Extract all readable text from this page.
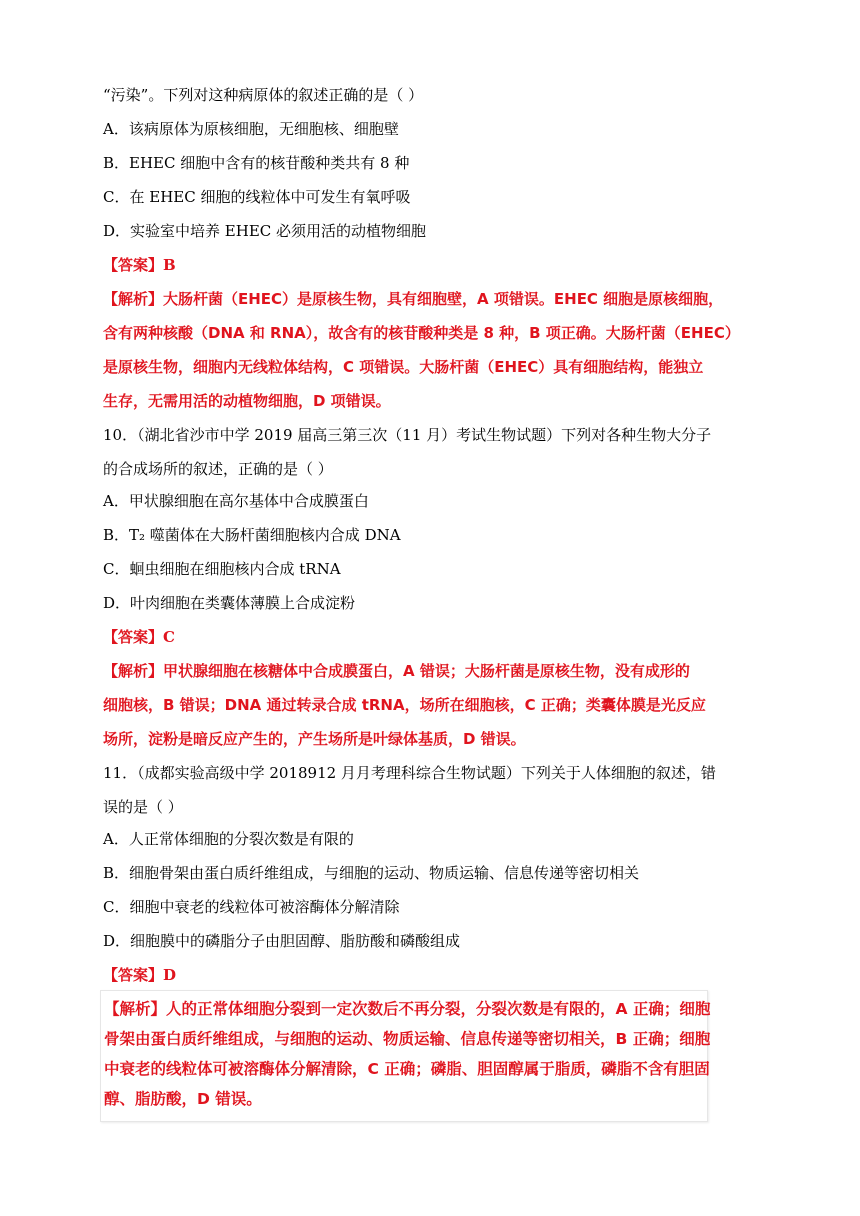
“污染”。下列对这种病原体的叙述正确的是（ ）
A．该病原体为原核细胞，无细胞核、细胞壁
B．EHEC 细胞中含有的核苷酸种类共有 8 种
C．在 EHEC 细胞的线粒体中可发生有氧呼吸
D．实验室中培养 EHEC 必须用活的动植物细胞
【答案】B
【解析】大肠杆菌（EHEC）是原核生物，具有细胞壁，A 项错误。EHEC 细胞是原核细胞，
含有两种核酸（DNA 和 RNA），故含有的核苷酸种类是 8 种，B 项正确。大肠杆菌（EHEC）
是原核生物，细胞内无线粒体结构，C 项错误。大肠杆菌（EHEC）具有细胞结构，能独立
生存，无需用活的动植物细胞，D 项错误。
10．（湖北省沙市中学 2019 届高三第三次（11 月）考试生物试题）下列对各种生物大分子
的合成场所的叙述，正确的是（ ）
A．甲状腺细胞在高尔基体中合成膜蛋白
B．T₂ 噬菌体在大肠杆菌细胞核内合成 DNA
C．蛔虫细胞在细胞核内合成 tRNA
D．叶肉细胞在类囊体薄膜上合成淀粉
【答案】C
【解析】甲状腺细胞在核糖体中合成膜蛋白，A 错误；大肠杆菌是原核生物，没有成形的
细胞核，B 错误；DNA 通过转录合成 tRNA，场所在细胞核，C 正确；类囊体膜是光反应
场所，淀粉是暗反应产生的，产生场所是叶绿体基质，D 错误。
11．（成都实验高级中学 2018912 月月考理科综合生物试题）下列关于人体细胞的叙述，错
误的是（ ）
A．人正常体细胞的分裂次数是有限的
B．细胞骨架由蛋白质纤维组成，与细胞的运动、物质运输、信息传递等密切相关
C．细胞中衰老的线粒体可被溶酶体分解清除
D．细胞膜中的磷脂分子由胆固醇、脂肪酸和磷酸组成
【答案】D
【解析】人的正常体细胞分裂到一定次数后不再分裂，分裂次数是有限的，A 正确；细胞
骨架由蛋白质纤维组成，与细胞的运动、物质运输、信息传递等密切相关，B 正确；细胞
中衰老的线粒体可被溶酶体分解清除，C 正确；磷脂、胆固醇属于脂质，磷脂不含有胆固
醇、脂肪酸，D 错误。
